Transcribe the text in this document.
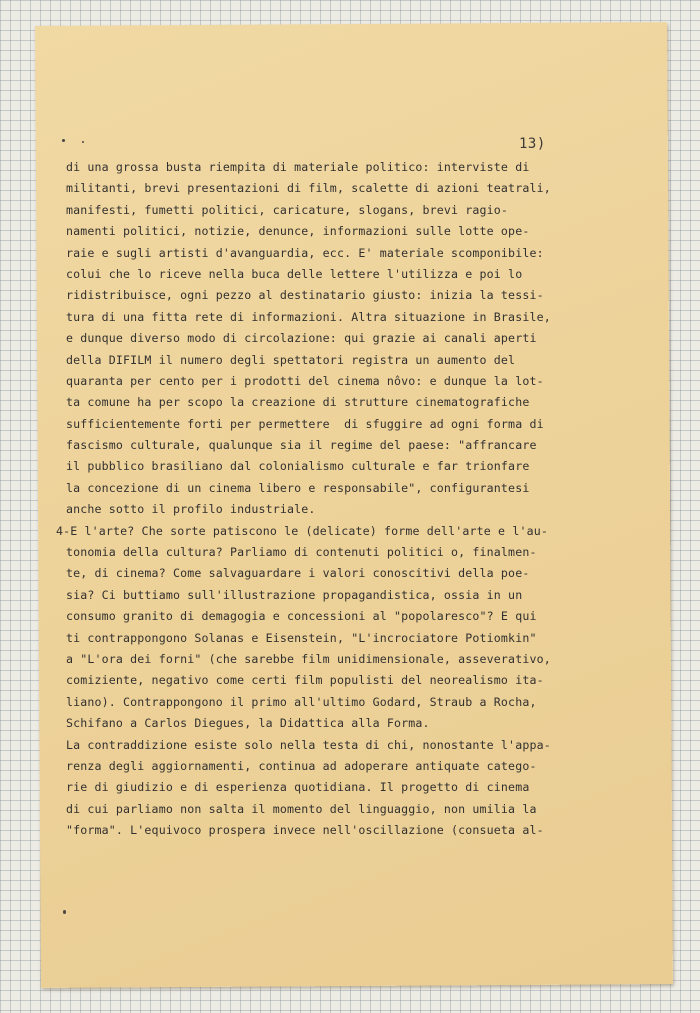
13)
di una grossa busta riempita di materiale politico: interviste di
militanti, brevi presentazioni di film, scalette di azioni teatrali,
manifesti, fumetti politici, caricature, slogans, brevi ragio-
namenti politici, notizie, denunce, informazioni sulle lotte ope-
raie e sugli artisti d'avanguardia, ecc. E' materiale scomponibile:
colui che lo riceve nella buca delle lettere l'utilizza e poi lo
ridistribuisce, ogni pezzo al destinatario giusto: inizia la tessi-
tura di una fitta rete di informazioni. Altra situazione in Brasile,
e dunque diverso modo di circolazione: qui grazie ai canali aperti
della DIFILM il numero degli spettatori registra un aumento del
quaranta per cento per i prodotti del cinema nôvo: e dunque la lot-
ta comune ha per scopo la creazione di strutture cinematografiche
sufficientemente forti per permettere  di sfuggire ad ogni forma di
fascismo culturale, qualunque sia il regime del paese: "affrancare
il pubblico brasiliano dal colonialismo culturale e far trionfare
la concezione di un cinema libero e responsabile", configurantesi
anche sotto il profilo industriale.
4-E l'arte? Che sorte patiscono le (delicate) forme dell'arte e l'au-
tonomia della cultura? Parliamo di contenuti politici o, finalmen-
te, di cinema? Come salvaguardare i valori conoscitivi della poe-
sia? Ci buttiamo sull'illustrazione propagandistica, ossia in un
consumo granito di demagogia e concessioni al "popolaresco"? E qui
ti contrappongono Solanas e Eisenstein, "L'incrociatore Potiomkin"
a "L'ora dei forni" (che sarebbe film unidimensionale, asseverativo,
comiziente, negativo come certi film populisti del neorealismo ita-
liano). Contrappongono il primo all'ultimo Godard, Straub a Rocha,
Schifano a Carlos Diegues, la Didattica alla Forma.
La contraddizione esiste solo nella testa di chi, nonostante l'appa-
renza degli aggiornamenti, continua ad adoperare antiquate catego-
rie di giudizio e di esperienza quotidiana. Il progetto di cinema
di cui parliamo non salta il momento del linguaggio, non umilia la
"forma". L'equivoco prospera invece nell'oscillazione (consueta al-
